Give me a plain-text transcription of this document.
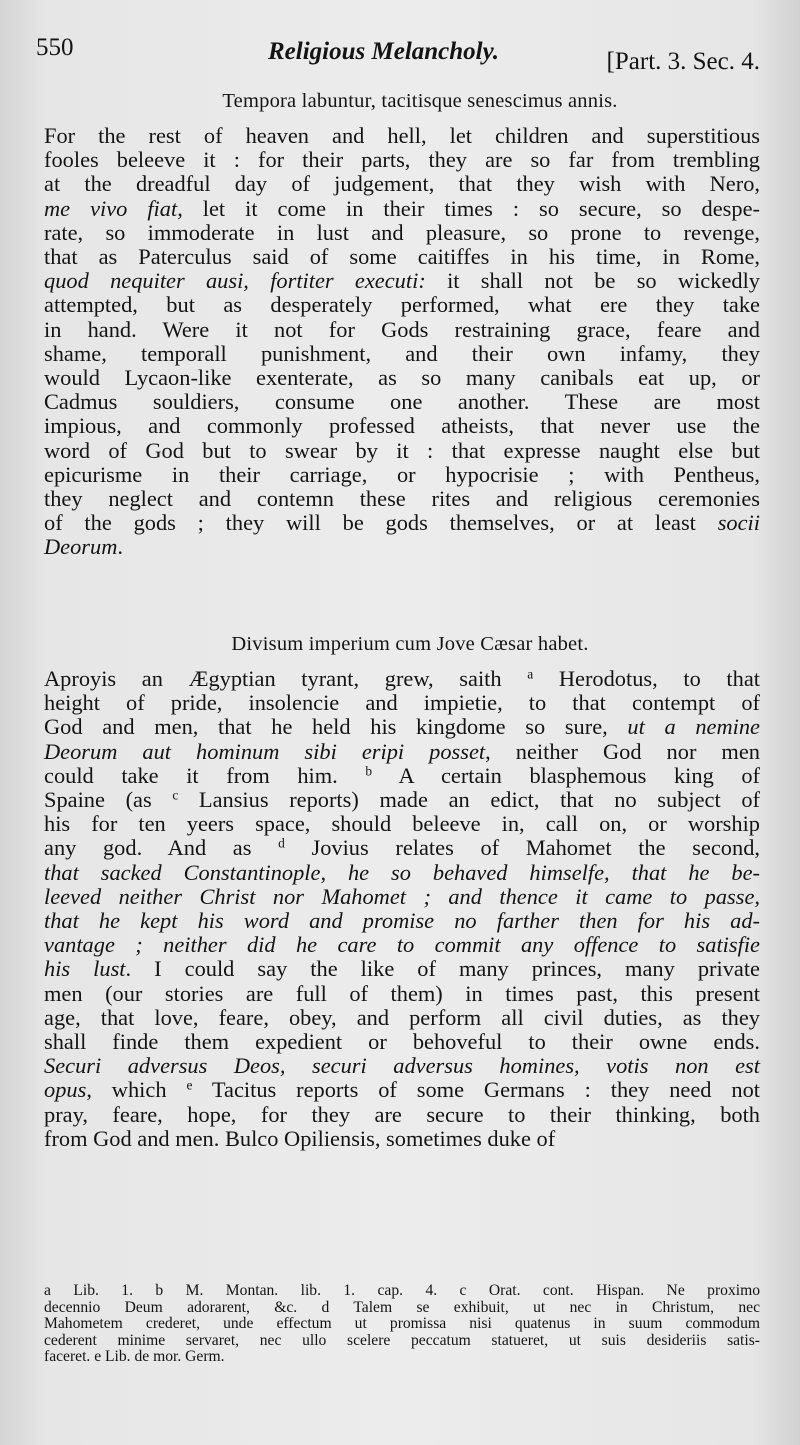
550	Religious Melancholy.	[Part. 3. Sec. 4.
Tempora labuntur, tacitisque senescimus annis.
For the rest of heaven and hell, let children and superstitious
fooles beleeve it : for their parts, they are so far from trembling
at the dreadful day of judgement, that they wish with Nero,
me vivo fiat, let it come in their times : so secure, so despe-
rate, so immoderate in lust and pleasure, so prone to revenge,
that as Paterculus said of some caitiffes in his time, in Rome,
quod nequiter ausi, fortiter executi: it shall not be so wickedly
attempted, but as desperately performed, what ere they take
in hand. Were it not for Gods restraining grace, feare and
shame, temporall punishment, and their own infamy, they
would Lycaon-like exenterate, as so many canibals eat up, or
Cadmus souldiers, consume one another. These are most
impious, and commonly professed atheists, that never use the
word of God but to swear by it : that expresse naught else but
epicurisme in their carriage, or hypocrisie ; with Pentheus,
they neglect and contemn these rites and religious ceremonies
of the gods ; they will be gods themselves, or at least socii
Deorum.
Divisum imperium cum Jove Cæsar habet.
Aproyis an Ægyptian tyrant, grew, saith $^a$ Herodotus, to that
height of pride, insolencie and impietie, to that contempt of
God and men, that he held his kingdome so sure, ut a nemine
Deorum aut hominum sibi eripi posset, neither God nor men
could take it from him. $^b$ A certain blasphemous king of
Spaine (as $^c$ Lansius reports) made an edict, that no subject of
his for ten yeers space, should beleeve in, call on, or worship
any god. And as $^d$ Jovius relates of Mahomet the second,
that sacked Constantinople, he so behaved himselfe, that he be-
leeved neither Christ nor Mahomet ; and thence it came to passe,
that he kept his word and promise no farther then for his ad-
vantage ; neither did he care to commit any offence to satisfie
his lust. I could say the like of many princes, many private
men (our stories are full of them) in times past, this present
age, that love, feare, obey, and perform all civil duties, as they
shall finde them expedient or behoveful to their owne ends.
Securi adversus Deos, securi adversus homines, votis non est
opus, which $^e$ Tacitus reports of some Germans : they need not
pray, feare, hope, for they are secure to their thinking, both
from God and men. Bulco Opiliensis, sometimes duke of
a Lib. 1. b M. Montan. lib. 1. cap. 4. c Orat. cont. Hispan. Ne proximo
decennio Deum adorarent, &c. d Talem se exhibuit, ut nec in Christum, nec
Mahometem crederet, unde effectum ut promissa nisi quatenus in suum commodum
cederent minime servaret, nec ullo scelere peccatum statueret, ut suis desideriis satis-
faceret. e Lib. de mor. Germ.
